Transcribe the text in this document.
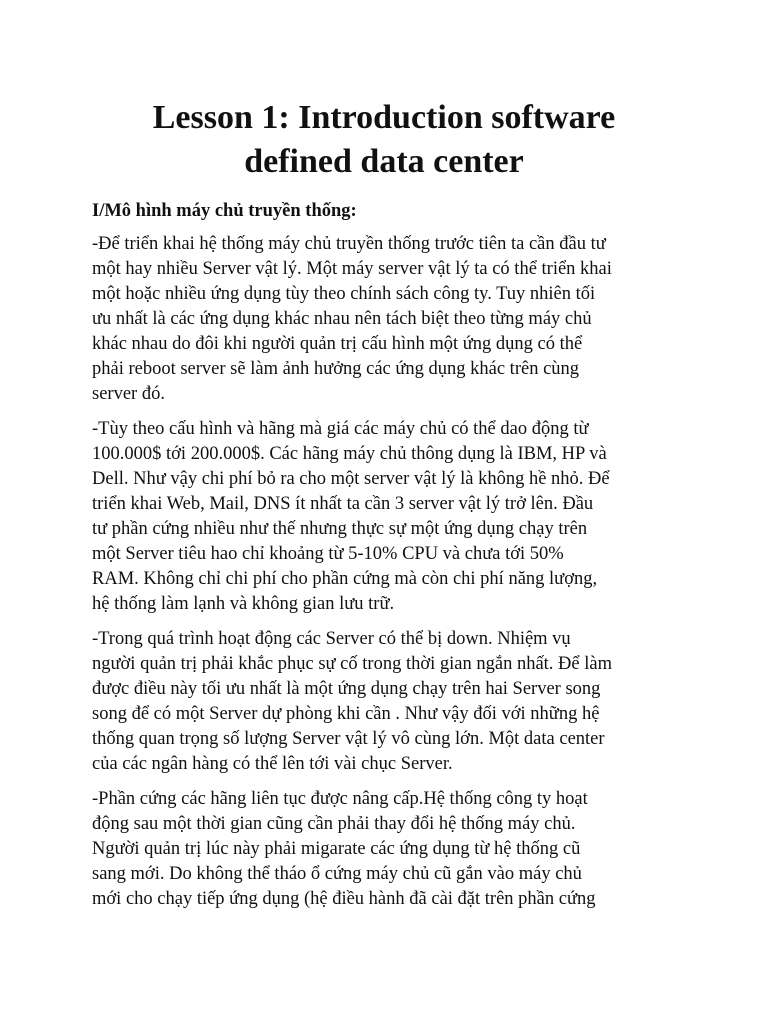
Lesson 1: Introduction software
defined data center

I/Mô hình máy chủ truyền thống:

-Để triển khai hệ thống máy chủ truyền thống trước tiên ta cần đầu tư
một hay nhiều Server vật lý. Một máy server vật lý ta có thể triển khai
một hoặc nhiều ứng dụng tùy theo chính sách công ty. Tuy nhiên tối
ưu nhất là các ứng dụng khác nhau nên tách biệt theo từng máy chủ
khác nhau do đôi khi người quản trị cấu hình một ứng dụng có thể
phải reboot server sẽ làm ảnh hưởng các ứng dụng khác trên cùng
server đó.

-Tùy theo cấu hình và hãng mà giá các máy chủ có thể dao động từ
100.000$ tới 200.000$. Các hãng máy chủ thông dụng là IBM, HP và
Dell. Như vậy chi phí bỏ ra cho một server vật lý là không hề nhỏ. Để
triển khai Web, Mail, DNS ít nhất ta cần 3 server vật lý trở lên. Đầu
tư phần cứng nhiều như thế nhưng thực sự một ứng dụng chạy trên
một Server tiêu hao chỉ khoảng từ 5-10% CPU và chưa tới 50%
RAM. Không chỉ chi phí cho phần cứng mà còn chi phí năng lượng,
hệ thống làm lạnh và không gian lưu trữ.

-Trong quá trình hoạt động các Server có thể bị down. Nhiệm vụ
người quản trị phải khắc phục sự cố trong thời gian ngắn nhất. Để làm
được điều này tối ưu nhất là một ứng dụng chạy trên hai Server song
song để có một Server dự phòng khi cần . Như vậy đối với những hệ
thống quan trọng số lượng Server vật lý vô cùng lớn. Một data center
của các ngân hàng có thể lên tới vài chục Server.

-Phần cứng các hãng liên tục được nâng cấp.Hệ thống công ty hoạt
động sau một thời gian cũng cần phải thay đổi hệ thống máy chủ.
Người quản trị lúc này phải migarate các ứng dụng từ hệ thống cũ
sang mới. Do không thể tháo ổ cứng máy chủ cũ gắn vào máy chủ
mới cho chạy tiếp ứng dụng (hệ điều hành đã cài đặt trên phần cứng
